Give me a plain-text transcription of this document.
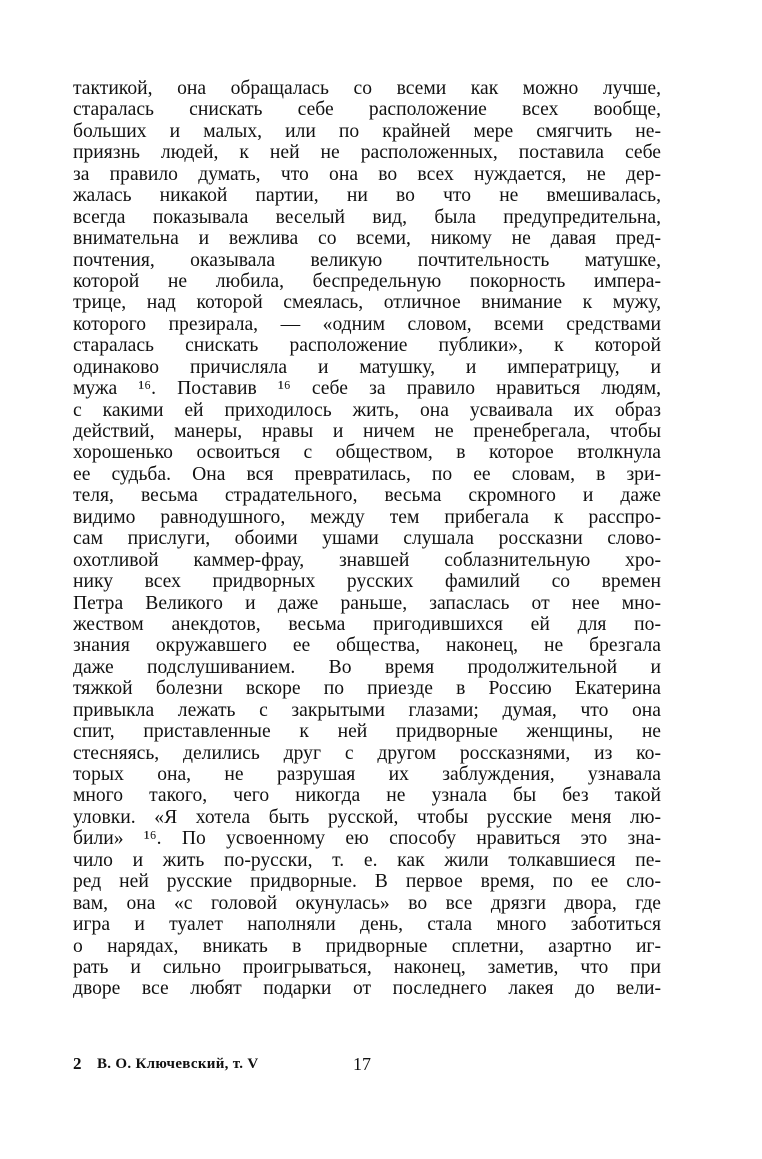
тактикой, она обращалась со всеми как можно лучше,
старалась снискать себе расположение всех вообще,
больших и малых, или по крайней мере смягчить не-
приязнь людей, к ней не расположенных, поставила себе
за правило думать, что она во всех нуждается, не дер-
жалась никакой партии, ни во что не вмешивалась,
всегда показывала веселый вид, была предупредительна,
внимательна и вежлива со всеми, никому не давая пред-
почтения, оказывала великую почтительность матушке,
которой не любила, беспредельную покорность импера-
трице, над которой смеялась, отличное внимание к мужу,
которого презирала, — «одним словом, всеми средствами
старалась снискать расположение публики», к которой
одинаково причисляла и матушку, и императрицу, и
мужа ¹⁶. Поставив ¹⁶ себе за правило нравиться людям,
с какими ей приходилось жить, она усваивала их образ
действий, манеры, нравы и ничем не пренебрегала, чтобы
хорошенько освоиться с обществом, в которое втолкнула
ее судьба. Она вся превратилась, по ее словам, в зри-
теля, весьма страдательного, весьма скромного и даже
видимо равнодушного, между тем прибегала к расспро-
сам прислуги, обоими ушами слушала россказни слово-
охотливой каммер-фрау, знавшей соблазнительную хро-
нику всех придворных русских фамилий со времен
Петра Великого и даже раньше, запаслась от нее мно-
жеством анекдотов, весьма пригодившихся ей для по-
знания окружавшего ее общества, наконец, не брезгала
даже подслушиванием. Во время продолжительной и
тяжкой болезни вскоре по приезде в Россию Екатерина
привыкла лежать с закрытыми глазами; думая, что она
спит, приставленные к ней придворные женщины, не
стесняясь, делились друг с другом россказнями, из ко-
торых она, не разрушая их заблуждения, узнавала
много такого, чего никогда не узнала бы без такой
уловки. «Я хотела быть русской, чтобы русские меня лю-
били» ¹⁶. По усвоенному ею способу нравиться это зна-
чило и жить по-русски, т. е. как жили толкавшиеся пе-
ред ней русские придворные. В первое время, по ее сло-
вам, она «с головой окунулась» во все дрязги двора, где
игра и туалет наполняли день, стала много заботиться
о нарядах, вникать в придворные сплетни, азартно иг-
рать и сильно проигрываться, наконец, заметив, что при
дворе все любят подарки от последнего лакея до вели-
2 В. О. Ключевский, т. V	17
